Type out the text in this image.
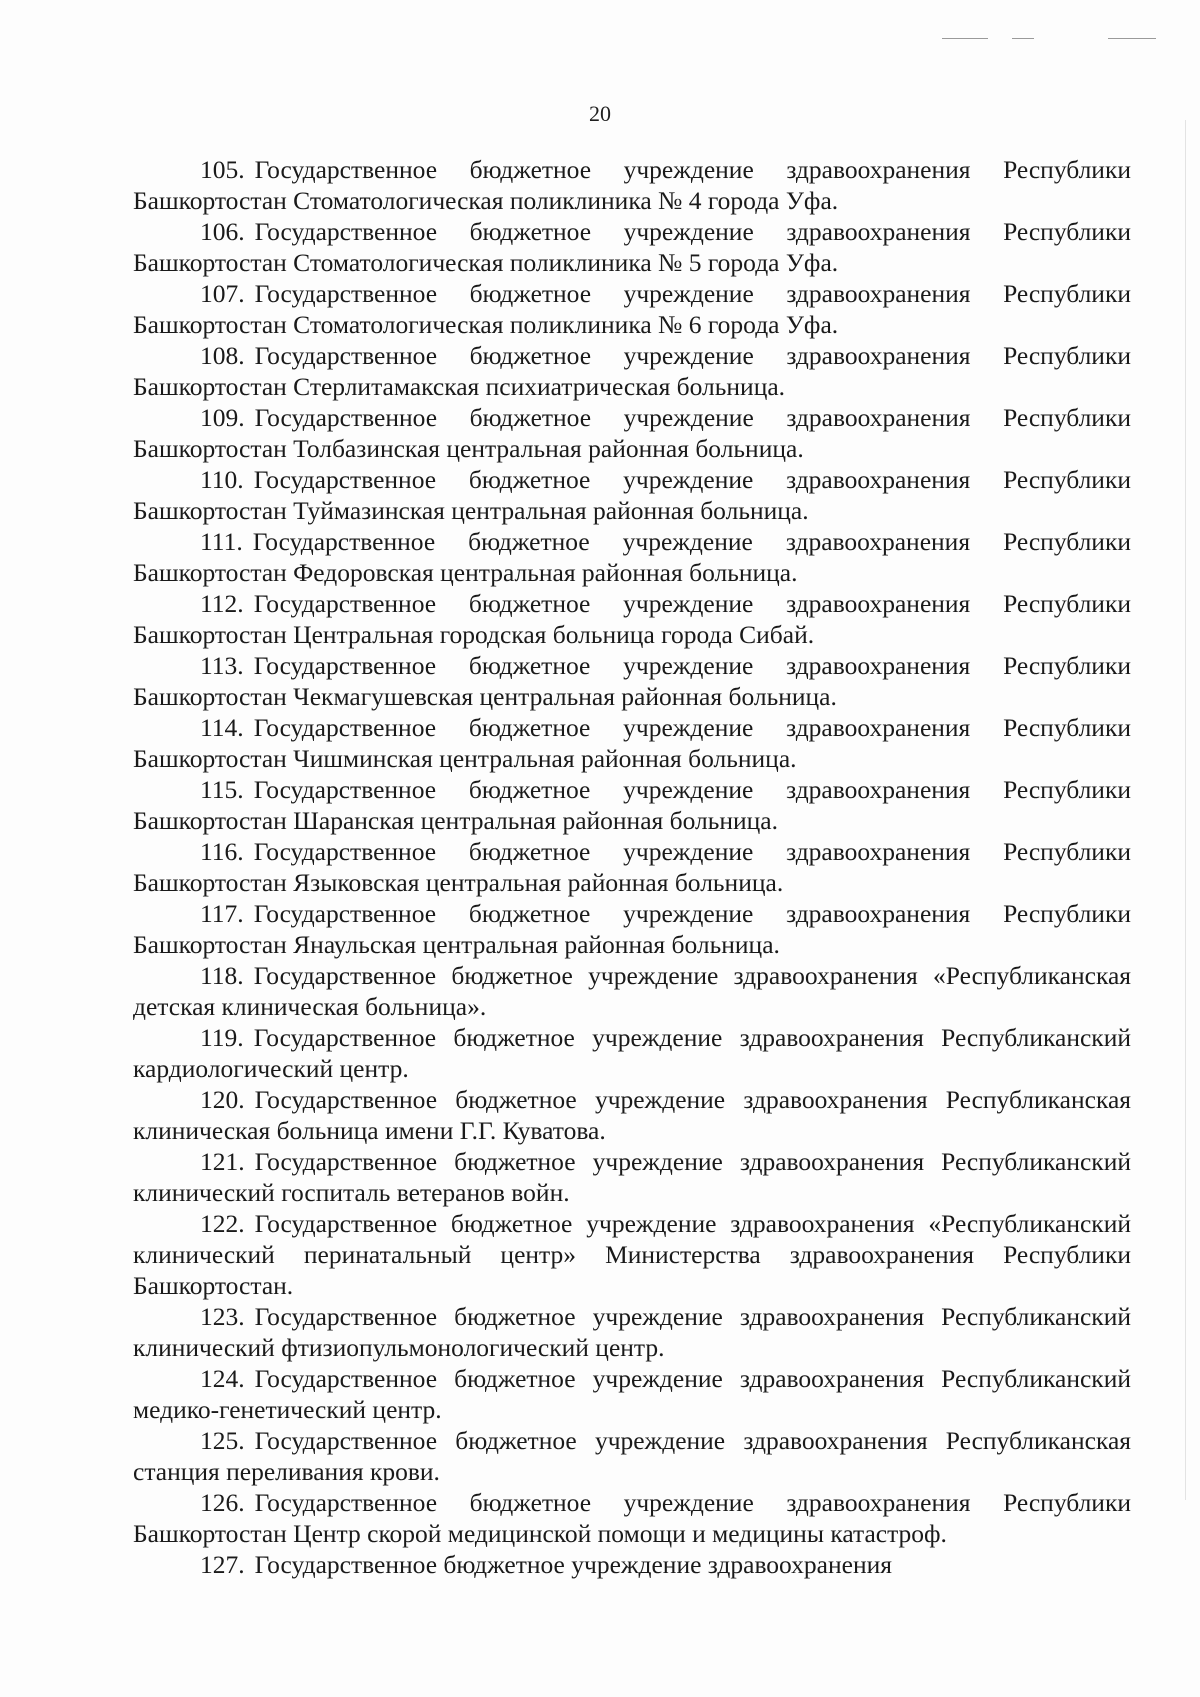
20

105. Государственное бюджетное учреждение здравоохранения Республики Башкортостан Стоматологическая поликлиника № 4 города Уфа.

106. Государственное бюджетное учреждение здравоохранения Республики Башкортостан Стоматологическая поликлиника № 5 города Уфа.

107. Государственное бюджетное учреждение здравоохранения Республики Башкортостан Стоматологическая поликлиника № 6 города Уфа.

108. Государственное бюджетное учреждение здравоохранения Республики Башкортостан Стерлитамакская психиатрическая больница.

109. Государственное бюджетное учреждение здравоохранения Республики Башкортостан Толбазинская центральная районная больница.

110. Государственное бюджетное учреждение здравоохранения Республики Башкортостан Туймазинская центральная районная больница.

111. Государственное бюджетное учреждение здравоохранения Республики Башкортостан Федоровская центральная районная больница.

112. Государственное бюджетное учреждение здравоохранения Республики Башкортостан Центральная городская больница города Сибай.

113. Государственное бюджетное учреждение здравоохранения Республики Башкортостан Чекмагушевская центральная районная больница.

114. Государственное бюджетное учреждение здравоохранения Республики Башкортостан Чишминская центральная районная больница.

115. Государственное бюджетное учреждение здравоохранения Республики Башкортостан Шаранская центральная районная больница.

116. Государственное бюджетное учреждение здравоохранения Республики Башкортостан Языковская центральная районная больница.

117. Государственное бюджетное учреждение здравоохранения Республики Башкортостан Янаульская центральная районная больница.

118. Государственное бюджетное учреждение здравоохранения «Республиканская детская клиническая больница».

119. Государственное бюджетное учреждение здравоохранения Республиканский кардиологический центр.

120. Государственное бюджетное учреждение здравоохранения Республиканская клиническая больница имени Г.Г. Куватова.

121. Государственное бюджетное учреждение здравоохранения Республиканский клинический госпиталь ветеранов войн.

122. Государственное бюджетное учреждение здравоохранения «Республиканский клинический перинатальный центр» Министерства здравоохранения Республики Башкортостан.

123. Государственное бюджетное учреждение здравоохранения Республиканский клинический фтизиопульмонологический центр.

124. Государственное бюджетное учреждение здравоохранения Республиканский медико-генетический центр.

125. Государственное бюджетное учреждение здравоохранения Республиканская станция переливания крови.

126. Государственное бюджетное учреждение здравоохранения Республики Башкортостан Центр скорой медицинской помощи и медицины катастроф.

127. Государственное бюджетное учреждение здравоохранения
